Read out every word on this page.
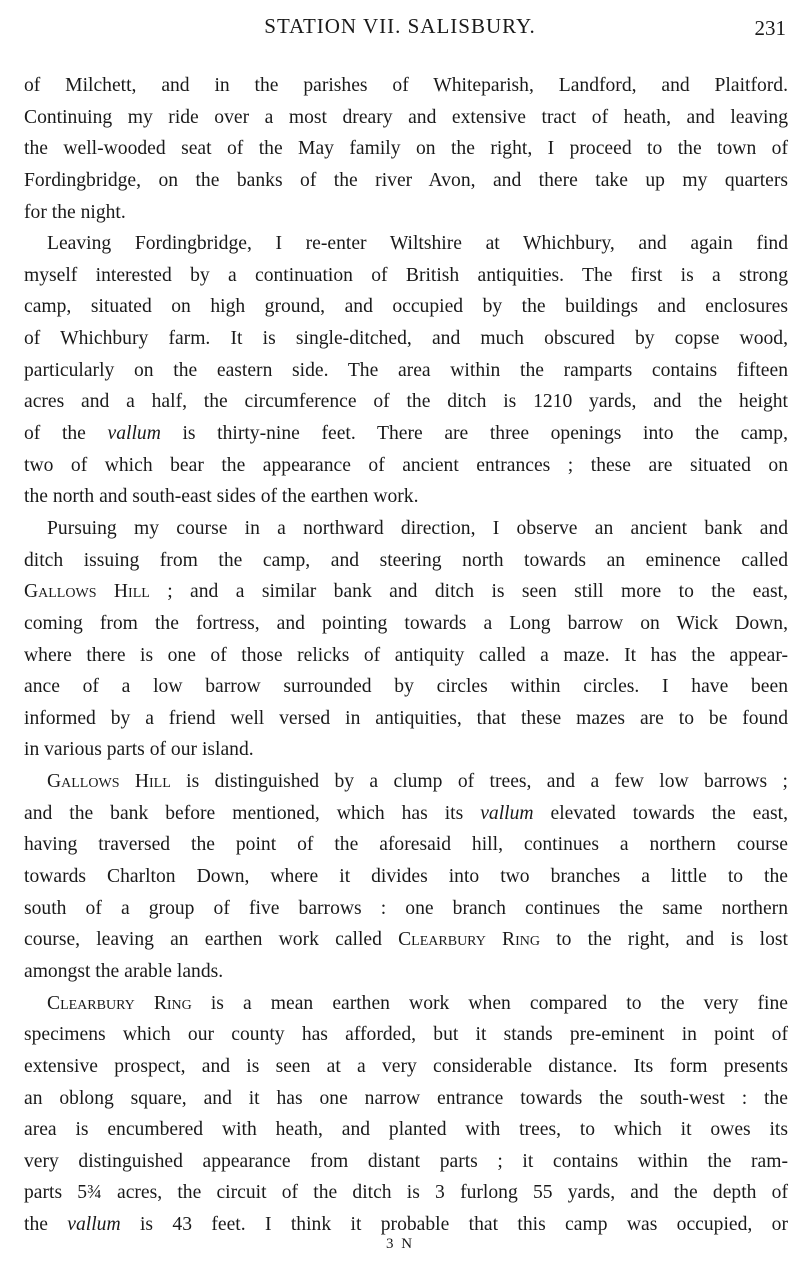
STATION VII. SALISBURY.	231
of Milchett, and in the parishes of Whiteparish, Landford, and Plaitford.
Continuing my ride over a most dreary and extensive tract of heath, and leaving
the well-wooded seat of the May family on the right, I proceed to the town of
Fordingbridge, on the banks of the river Avon, and there take up my quarters
for the night.
Leaving Fordingbridge, I re-enter Wiltshire at Whichbury, and again find
myself interested by a continuation of British antiquities. The first is a strong
camp, situated on high ground, and occupied by the buildings and enclosures
of Whichbury farm. It is single-ditched, and much obscured by copse wood,
particularly on the eastern side. The area within the ramparts contains fifteen
acres and a half, the circumference of the ditch is 1210 yards, and the height
of the vallum is thirty-nine feet. There are three openings into the camp,
two of which bear the appearance of ancient entrances ; these are situated on
the north and south-east sides of the earthen work.
Pursuing my course in a northward direction, I observe an ancient bank and
ditch issuing from the camp, and steering north towards an eminence called
Gallows Hill ; and a similar bank and ditch is seen still more to the east,
coming from the fortress, and pointing towards a Long barrow on Wick Down,
where there is one of those relicks of antiquity called a maze. It has the appear-
ance of a low barrow surrounded by circles within circles. I have been
informed by a friend well versed in antiquities, that these mazes are to be found
in various parts of our island.
Gallows Hill is distinguished by a clump of trees, and a few low barrows ;
and the bank before mentioned, which has its vallum elevated towards the east,
having traversed the point of the aforesaid hill, continues a northern course
towards Charlton Down, where it divides into two branches a little to the
south of a group of five barrows : one branch continues the same northern
course, leaving an earthen work called Clearbury Ring to the right, and is lost
amongst the arable lands.
Clearbury Ring is a mean earthen work when compared to the very fine
specimens which our county has afforded, but it stands pre-eminent in point of
extensive prospect, and is seen at a very considerable distance. Its form presents
an oblong square, and it has one narrow entrance towards the south-west : the
area is encumbered with heath, and planted with trees, to which it owes its
very distinguished appearance from distant parts ; it contains within the ram-
parts 5¾ acres, the circuit of the ditch is 3 furlong 55 yards, and the depth of
the vallum is 43 feet. I think it probable that this camp was occupied, or
3 N
